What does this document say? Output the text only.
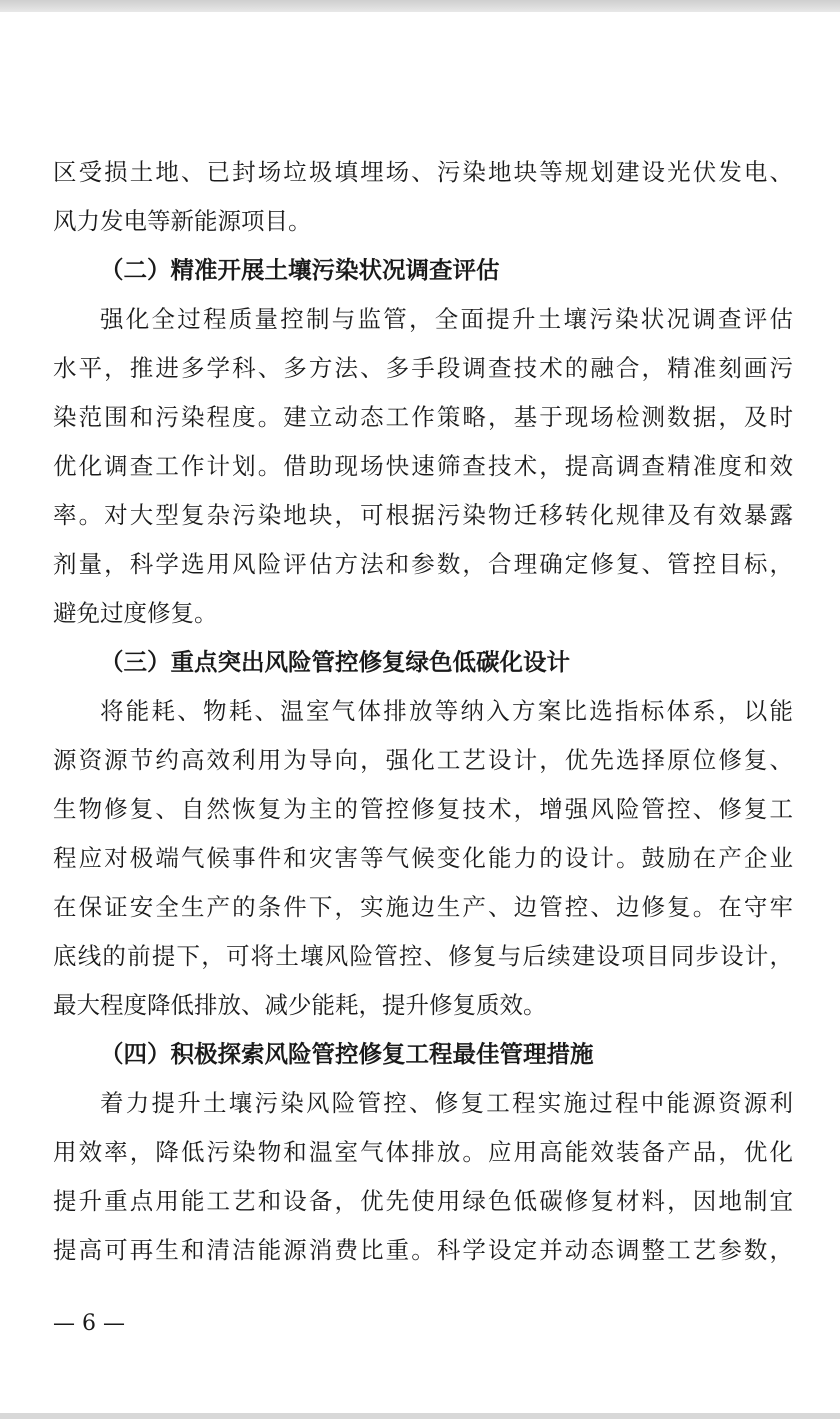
区受损土地、已封场垃圾填埋场、污染地块等规划建设光伏发电、
风力发电等新能源项目。
（二）精准开展土壤污染状况调查评估
强化全过程质量控制与监管，全面提升土壤污染状况调查评估
水平，推进多学科、多方法、多手段调查技术的融合，精准刻画污
染范围和污染程度。建立动态工作策略，基于现场检测数据，及时
优化调查工作计划。借助现场快速筛查技术，提高调查精准度和效
率。对大型复杂污染地块，可根据污染物迁移转化规律及有效暴露
剂量，科学选用风险评估方法和参数，合理确定修复、管控目标，
避免过度修复。
（三）重点突出风险管控修复绿色低碳化设计
将能耗、物耗、温室气体排放等纳入方案比选指标体系，以能
源资源节约高效利用为导向，强化工艺设计，优先选择原位修复、
生物修复、自然恢复为主的管控修复技术，增强风险管控、修复工
程应对极端气候事件和灾害等气候变化能力的设计。鼓励在产企业
在保证安全生产的条件下，实施边生产、边管控、边修复。在守牢
底线的前提下，可将土壤风险管控、修复与后续建设项目同步设计，
最大程度降低排放、减少能耗，提升修复质效。
（四）积极探索风险管控修复工程最佳管理措施
着力提升土壤污染风险管控、修复工程实施过程中能源资源利
用效率，降低污染物和温室气体排放。应用高能效装备产品，优化
提升重点用能工艺和设备，优先使用绿色低碳修复材料，因地制宜
提高可再生和清洁能源消费比重。科学设定并动态调整工艺参数，
— 6 —
